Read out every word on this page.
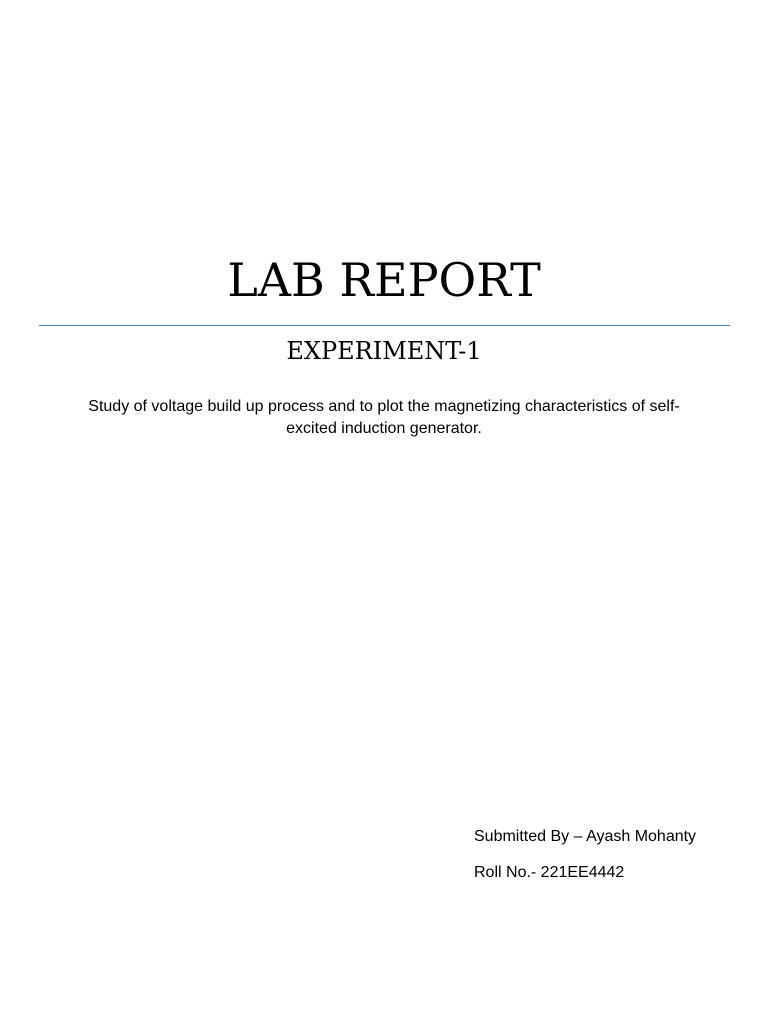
LAB REPORT
EXPERIMENT-1
Study of voltage build up process and to plot the magnetizing characteristics of self-
excited induction generator.
Submitted By – Ayash Mohanty
Roll No.- 221EE4442
